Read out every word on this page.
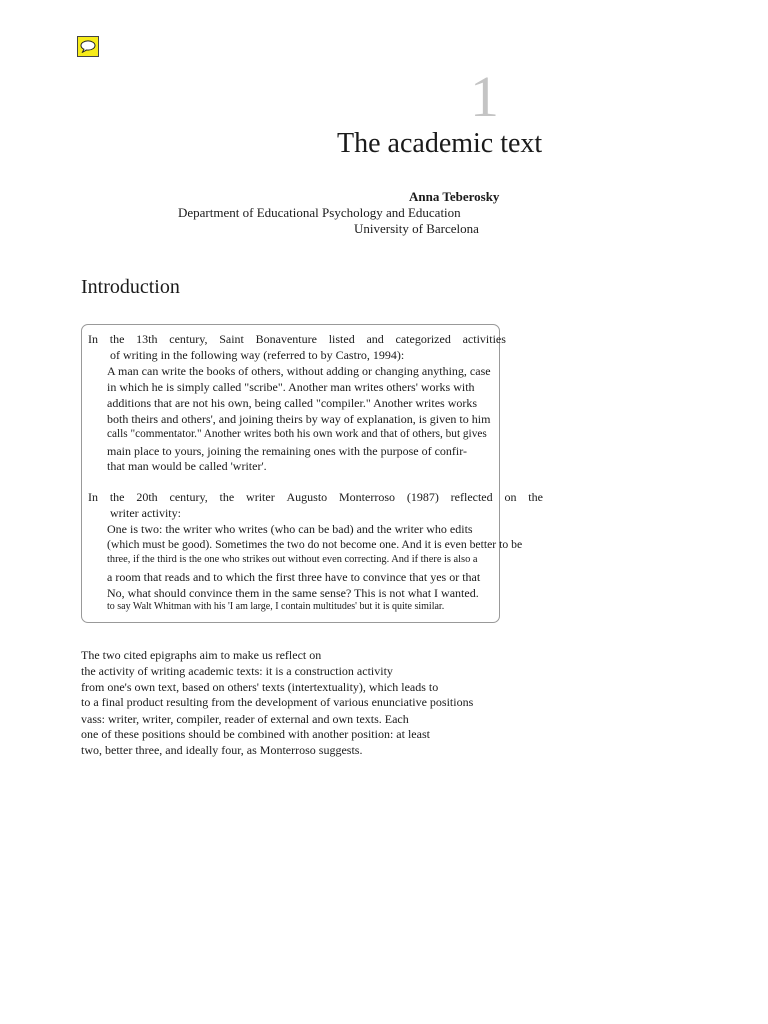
1
The academic text
Anna Teberosky
Department of Educational Psychology and Education
University of Barcelona
Introduction
In the 13th century, Saint Bonaventure listed and categorized activities
of writing in the following way (referred to by Castro, 1994):
A man can write the books of others, without adding or changing anything, case
in which he is simply called "scribe". Another man writes others' works with
additions that are not his own, being called "compiler." Another writes works
both theirs and others', and joining theirs by way of explanation, is given to him
calls "commentator." Another writes both his own work and that of others, but gives
main place to yours, joining the remaining ones with the purpose of confir-
that man would be called 'writer'.
In the 20th century, the writer Augusto Monterroso (1987) reflected on the
writer activity:
One is two: the writer who writes (who can be bad) and the writer who edits
(which must be good). Sometimes the two do not become one. And it is even better to be
three, if the third is the one who strikes out without even correcting. And if there is also a
a room that reads and to which the first three have to convince that yes or that
No, what should convince them in the same sense? This is not what I wanted.
to say Walt Whitman with his 'I am large, I contain multitudes' but it is quite similar.
The two cited epigraphs aim to make us reflect on
the activity of writing academic texts: it is a construction activity
from one's own text, based on others' texts (intertextuality), which leads to
to a final product resulting from the development of various enunciative positions
vass: writer, writer, compiler, reader of external and own texts. Each
one of these positions should be combined with another position: at least
two, better three, and ideally four, as Monterroso suggests.
